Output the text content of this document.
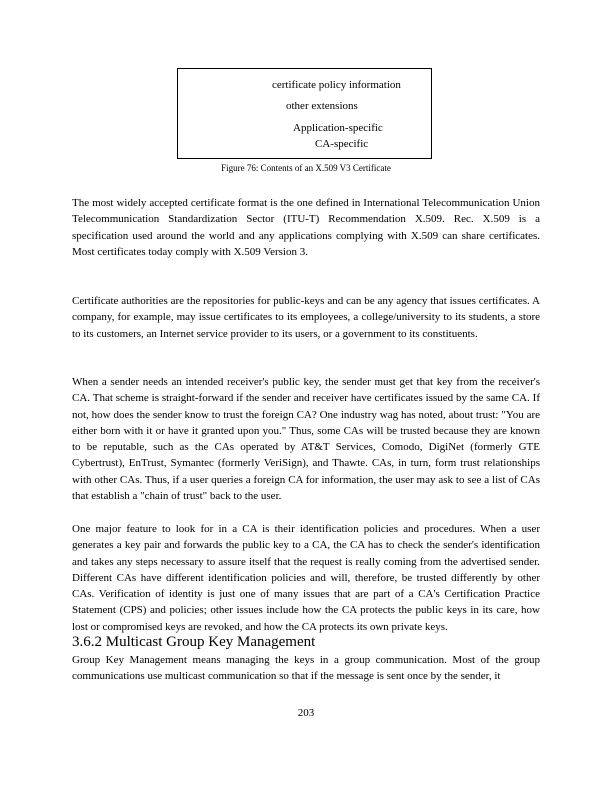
certificate policy information
other extensions
Application-specific
CA-specific
Figure 76: Contents of an X.509 V3 Certificate

The most widely accepted certificate format is the one defined in International Telecommunication Union Telecommunication Standardization Sector (ITU-T) Recommendation X.509. Rec. X.509 is a specification used around the world and any applications complying with X.509 can share certificates. Most certificates today comply with X.509 Version 3.

Certificate authorities are the repositories for public-keys and can be any agency that issues certificates. A company, for example, may issue certificates to its employees, a college/university to its students, a store to its customers, an Internet service provider to its users, or a government to its constituents.

When a sender needs an intended receiver's public key, the sender must get that key from the receiver's CA. That scheme is straight-forward if the sender and receiver have certificates issued by the same CA. If not, how does the sender know to trust the foreign CA? One industry wag has noted, about trust: "You are either born with it or have it granted upon you." Thus, some CAs will be trusted because they are known to be reputable, such as the CAs operated by AT&T Services, Comodo, DigiNet (formerly GTE Cybertrust), EnTrust, Symantec (formerly VeriSign), and Thawte. CAs, in turn, form trust relationships with other CAs. Thus, if a user queries a foreign CA for information, the user may ask to see a list of CAs that establish a "chain of trust" back to the user.

One major feature to look for in a CA is their identification policies and procedures. When a user generates a key pair and forwards the public key to a CA, the CA has to check the sender's identification and takes any steps necessary to assure itself that the request is really coming from the advertised sender. Different CAs have different identification policies and will, therefore, be trusted differently by other CAs. Verification of identity is just one of many issues that are part of a CA's Certification Practice Statement (CPS) and policies; other issues include how the CA protects the public keys in its care, how lost or compromised keys are revoked, and how the CA protects its own private keys.

3.6.2 Multicast Group Key Management

Group Key Management means managing the keys in a group communication. Most of the group communications use multicast communication so that if the message is sent once by the sender, it

203
